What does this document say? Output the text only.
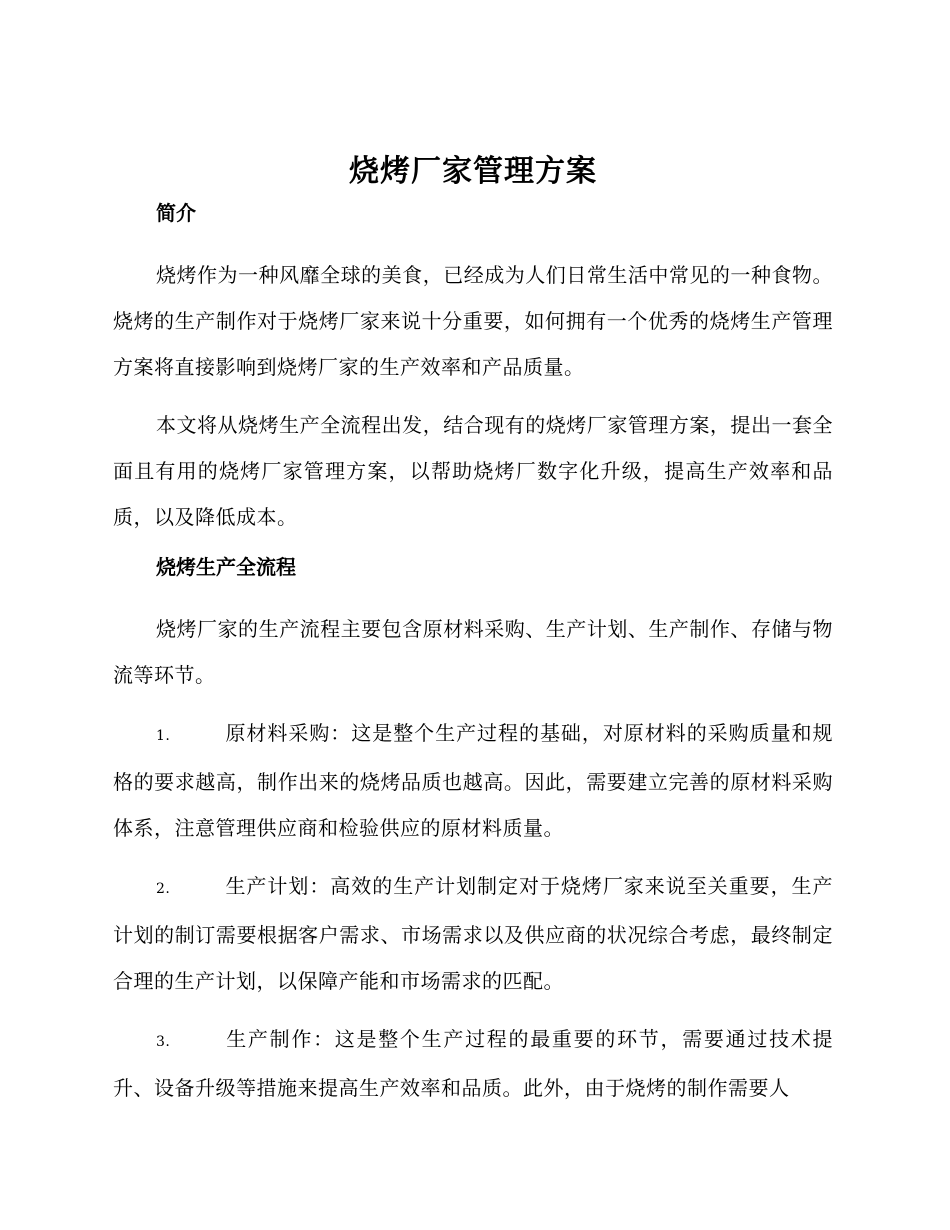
烧烤厂家管理方案
简介

烧烤作为一种风靡全球的美食，已经成为人们日常生活中常见的一种食物。烧烤的生产制作对于烧烤厂家来说十分重要，如何拥有一个优秀的烧烤生产管理方案将直接影响到烧烤厂家的生产效率和产品质量。

本文将从烧烤生产全流程出发，结合现有的烧烤厂家管理方案，提出一套全面且有用的烧烤厂家管理方案，以帮助烧烤厂数字化升级，提高生产效率和品质，以及降低成本。

烧烤生产全流程

烧烤厂家的生产流程主要包含原材料采购、生产计划、生产制作、存储与物流等环节。

1.	原材料采购：这是整个生产过程的基础，对原材料的采购质量和规格的要求越高，制作出来的烧烤品质也越高。因此，需要建立完善的原材料采购体系，注意管理供应商和检验供应的原材料质量。

2.	生产计划：高效的生产计划制定对于烧烤厂家来说至关重要，生产计划的制订需要根据客户需求、市场需求以及供应商的状况综合考虑，最终制定合理的生产计划，以保障产能和市场需求的匹配。

3.	生产制作：这是整个生产过程的最重要的环节，需要通过技术提升、设备升级等措施来提高生产效率和品质。此外，由于烧烤的制作需要人
